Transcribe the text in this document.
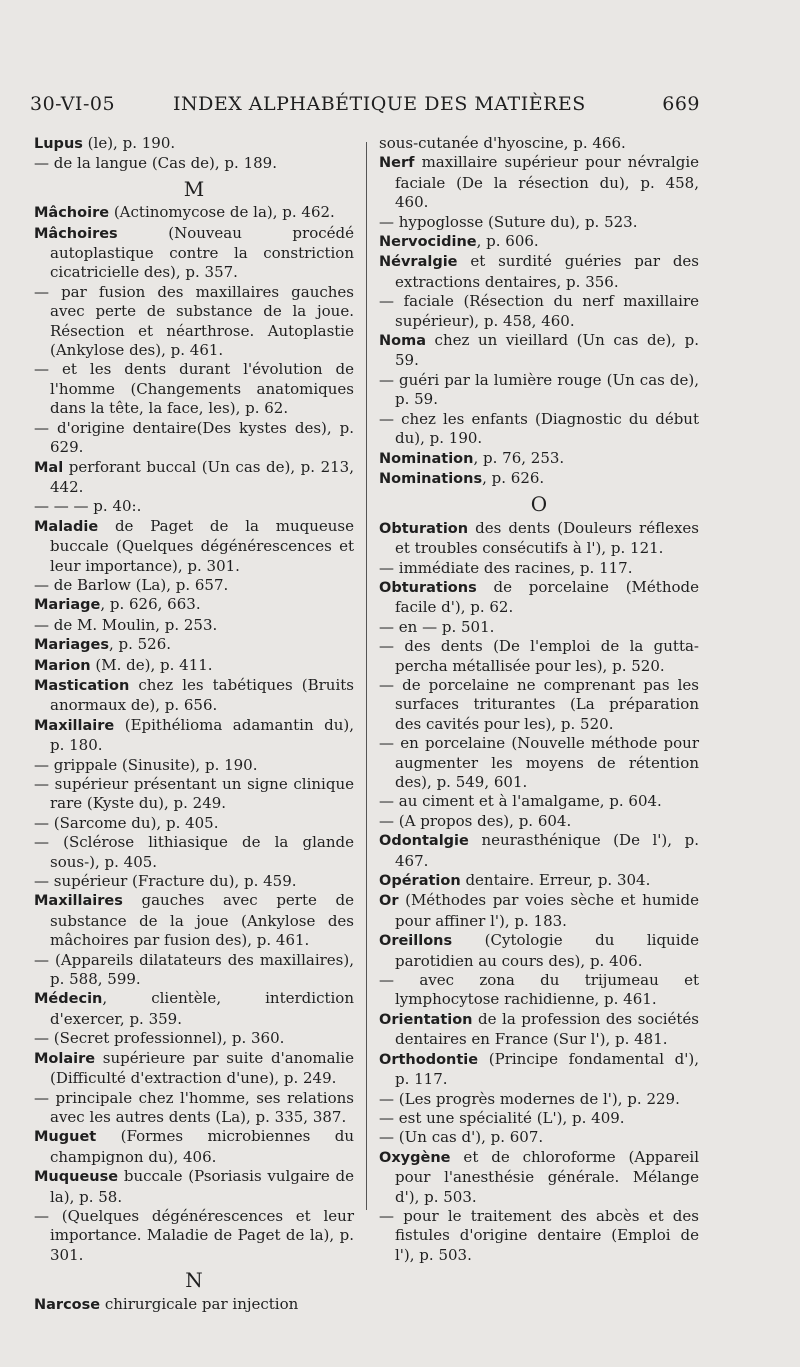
30-VI-05	INDEX ALPHABÉTIQUE DES MATIÈRES	669

Lupus (le), p. 190.

— de la langue (Cas de), p. 189.

M

Mâchoire (Actinomycose de la), p. 462.

Mâchoires (Nouveau procédé autoplastique contre la constriction cicatricielle des), p. 357.

— par fusion des maxillaires gauches avec perte de substance de la joue. Résection et néarthrose. Autoplastie (Ankylose des), p. 461.

— et les dents durant l'évolution de l'homme (Changements anatomiques dans la tête, la face, les), p. 62.

— d'origine dentaire(Des kystes des), p. 629.

Mal perforant buccal (Un cas de), p. 213, 442.

— — — p. 40:.

Maladie de Paget de la muqueuse buccale (Quelques dégénérescences et leur importance), p. 301.

— de Barlow (La), p. 657.

Mariage, p. 626, 663.

— de M. Moulin, p. 253.

Mariages, p. 526.

Marion (M. de), p. 411.

Mastication chez les tabétiques (Bruits anormaux de), p. 656.

Maxillaire (Epithélioma adamantin du), p. 180.

— grippale (Sinusite), p. 190.

— supérieur présentant un signe clinique rare (Kyste du), p. 249.

— (Sarcome du), p. 405.

— (Sclérose lithiasique de la glande sous-), p. 405.

— supérieur (Fracture du), p. 459.

Maxillaires gauches avec perte de substance de la joue (Ankylose des mâchoires par fusion des), p. 461.

— (Appareils dilatateurs des maxillaires), p. 588, 599.

Médecin, clientèle, interdiction d'exercer, p. 359.

— (Secret professionnel), p. 360.

Molaire supérieure par suite d'anomalie (Difficulté d'extraction d'une), p. 249.

— principale chez l'homme, ses relations avec les autres dents (La), p. 335, 387.

Muguet (Formes microbiennes du champignon du), 406.

Muqueuse buccale (Psoriasis vulgaire de la), p. 58.

— (Quelques dégénérescences et leur importance. Maladie de Paget de la), p. 301.

N

Narcose chirurgicale par injection

sous-cutanée d'hyoscine, p. 466.

Nerf maxillaire supérieur pour névralgie faciale (De la résection du), p. 458, 460.

— hypoglosse (Suture du), p. 523.

Nervocidine, p. 606.

Névralgie et surdité guéries par des extractions dentaires, p. 356.

— faciale (Résection du nerf maxillaire supérieur), p. 458, 460.

Noma chez un vieillard (Un cas de), p. 59.

— guéri par la lumière rouge (Un cas de), p. 59.

— chez les enfants (Diagnostic du début du), p. 190.

Nomination, p. 76, 253.

Nominations, p. 626.

O

Obturation des dents (Douleurs réflexes et troubles consécutifs à l'), p. 121.

— immédiate des racines, p. 117.

Obturations de porcelaine (Méthode facile d'), p. 62.

— en — p. 501.

— des dents (De l'emploi de la gutta-percha métallisée pour les), p. 520.

— de porcelaine ne comprenant pas les surfaces triturantes (La préparation des cavités pour les), p. 520.

— en porcelaine (Nouvelle méthode pour augmenter les moyens de rétention des), p. 549, 601.

— au ciment et à l'amalgame, p. 604.

— (A propos des), p. 604.

Odontalgie neurasthénique (De l'), p. 467.

Opération dentaire. Erreur, p. 304.

Or (Méthodes par voies sèche et humide pour affiner l'), p. 183.

Oreillons (Cytologie du liquide parotidien au cours des), p. 406.

— avec zona du trijumeau et lymphocytose rachidienne, p. 461.

Orientation de la profession des sociétés dentaires en France (Sur l'), p. 481.

Orthodontie (Principe fondamental d'), p. 117.

— (Les progrès modernes de l'), p. 229.

— est une spécialité (L'), p. 409.

— (Un cas d'), p. 607.

Oxygène et de chloroforme (Appareil pour l'anesthésie générale. Mélange d'), p. 503.

— pour le traitement des abcès et des fistules d'origine dentaire (Emploi de l'), p. 503.
